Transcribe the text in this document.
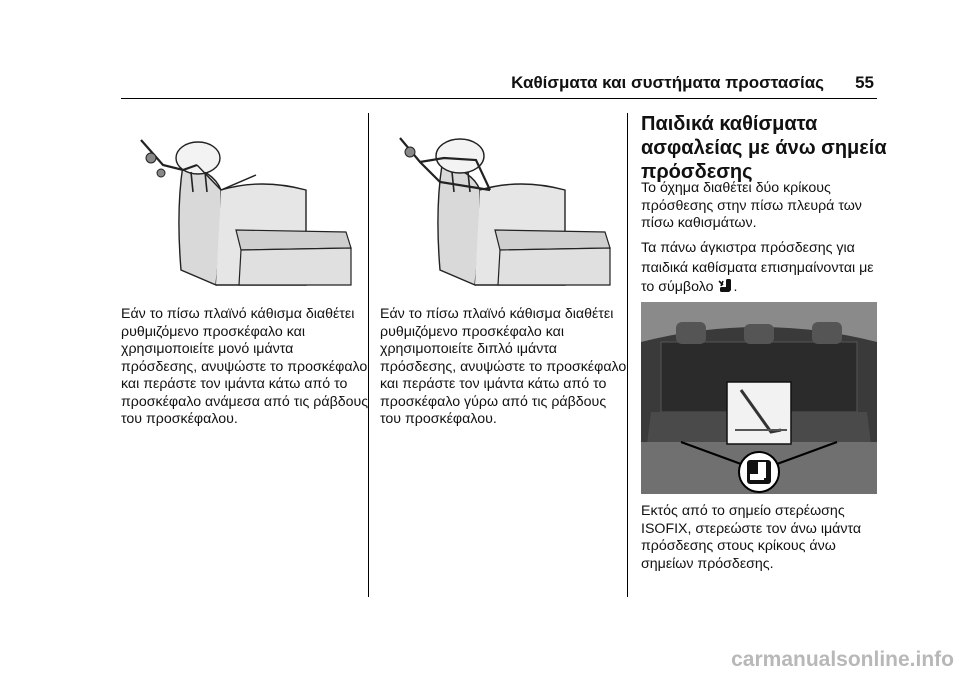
Καθίσματα και συστήματα προστασίας 55

Εάν το πίσω πλαϊνό κάθισμα διαθέτει ρυθμιζόμενο προσκέφαλο και χρησιμοποιείτε μονό ιμάντα πρόσδεσης, ανυψώστε το προσκέφαλο και περάστε τον ιμάντα κάτω από το προσκέφαλο ανάμεσα από τις ράβδους του προσκέφαλου.

Εάν το πίσω πλαϊνό κάθισμα διαθέτει ρυθμιζόμενο προσκέφαλο και χρησιμοποιείτε διπλό ιμάντα πρόσδεσης, ανυψώστε το προσκέφαλο και περάστε τον ιμάντα κάτω από το προσκέφαλο γύρω από τις ράβδους του προσκέφαλου.

Παιδικά καθίσματα ασφαλείας με άνω σημεία πρόσδεσης

Το όχημα διαθέτει δύο κρίκους πρόσθεσης στην πίσω πλευρά των πίσω καθισμάτων.

Τα πάνω άγκιστρα πρόσδεσης για παιδικά καθίσματα επισημαίνονται με το σύμβολο .

Εκτός από το σημείο στερέωσης ISOFIX, στερεώστε τον άνω ιμάντα πρόσδεσης στους κρίκους άνω σημείων πρόσδεσης.

carmanualsonline.info
